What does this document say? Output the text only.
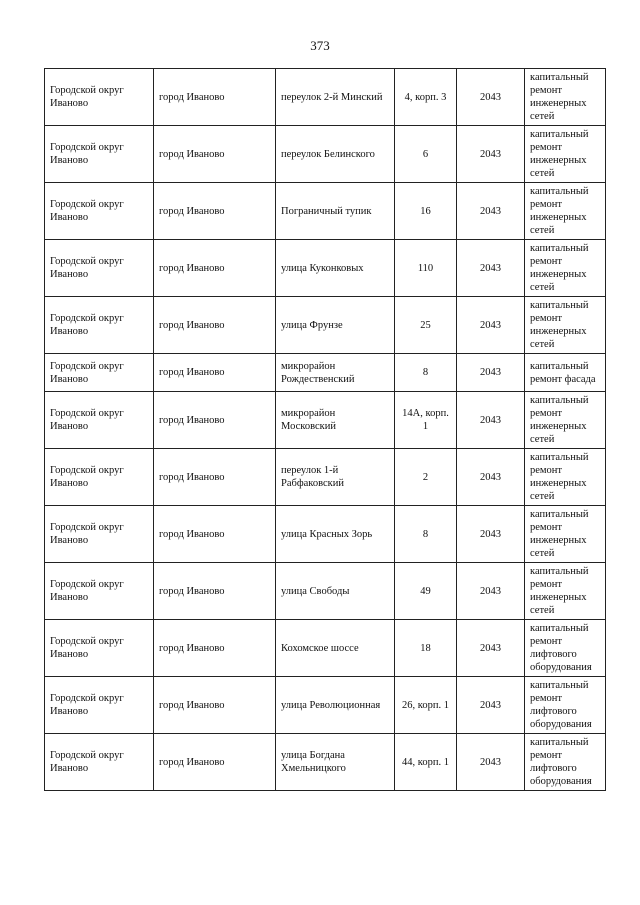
373
Городской округ Иваново	город Иваново	переулок 2-й Минский	4, корп. 3	2043	капитальный ремонт инженерных сетей
Городской округ Иваново	город Иваново	переулок Белинского	6	2043	капитальный ремонт инженерных сетей
Городской округ Иваново	город Иваново	Пограничный тупик	16	2043	капитальный ремонт инженерных сетей
Городской округ Иваново	город Иваново	улица Куконковых	110	2043	капитальный ремонт инженерных сетей
Городской округ Иваново	город Иваново	улица Фрунзе	25	2043	капитальный ремонт инженерных сетей
Городской округ Иваново	город Иваново	микрорайон Рождественский	8	2043	капитальный ремонт фасада
Городской округ Иваново	город Иваново	микрорайон Московский	14А, корп. 1	2043	капитальный ремонт инженерных сетей
Городской округ Иваново	город Иваново	переулок 1-й Рабфаковский	2	2043	капитальный ремонт инженерных сетей
Городской округ Иваново	город Иваново	улица Красных Зорь	8	2043	капитальный ремонт инженерных сетей
Городской округ Иваново	город Иваново	улица Свободы	49	2043	капитальный ремонт инженерных сетей
Городской округ Иваново	город Иваново	Кохомское шоссе	18	2043	капитальный ремонт лифтового оборудования
Городской округ Иваново	город Иваново	улица Революционная	26, корп. 1	2043	капитальный ремонт лифтового оборудования
Городской округ Иваново	город Иваново	улица Богдана Хмельницкого	44, корп. 1	2043	капитальный ремонт лифтового оборудования
